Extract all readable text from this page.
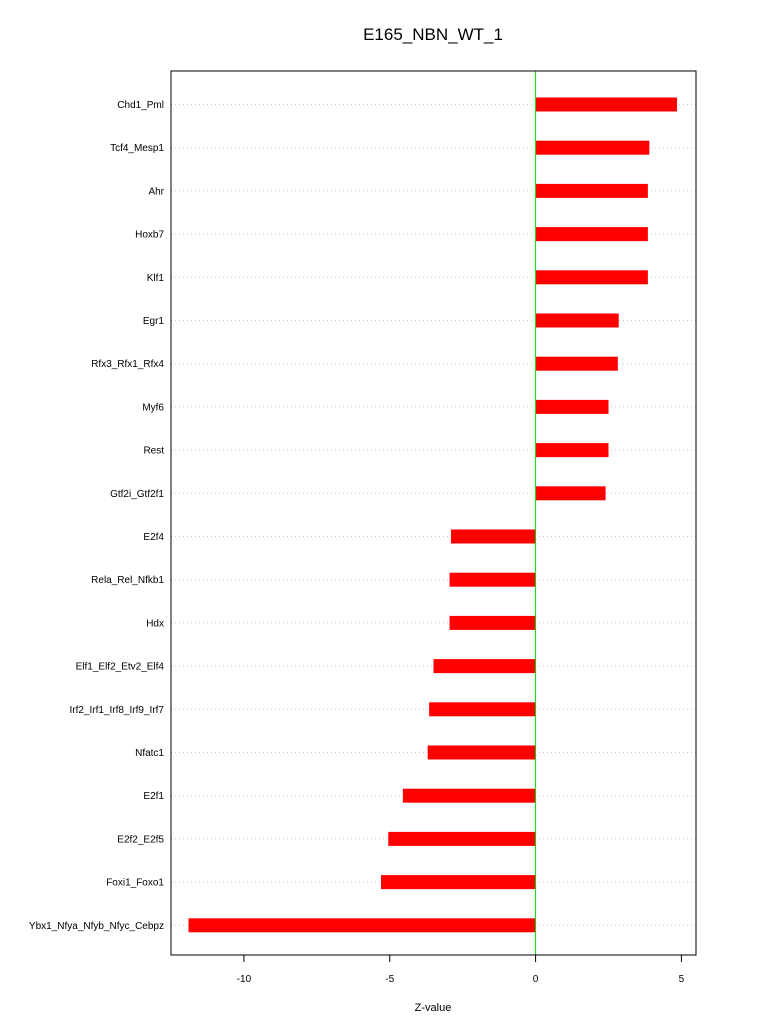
E165_NBN_WT_1
Chd1_Pml
Tcf4_Mesp1
Ahr
Hoxb7
Klf1
Egr1
Rfx3_Rfx1_Rfx4
Myf6
Rest
Gtf2i_Gtf2f1
E2f4
Rela_Rel_Nfkb1
Hdx
Elf1_Elf2_Etv2_Elf4
Irf2_Irf1_Irf8_Irf9_Irf7
Nfatc1
E2f1
E2f2_E2f5
Foxi1_Foxo1
Ybx1_Nfya_Nfyb_Nfyc_Cebpz
-10	-5	0	5
Z-value
